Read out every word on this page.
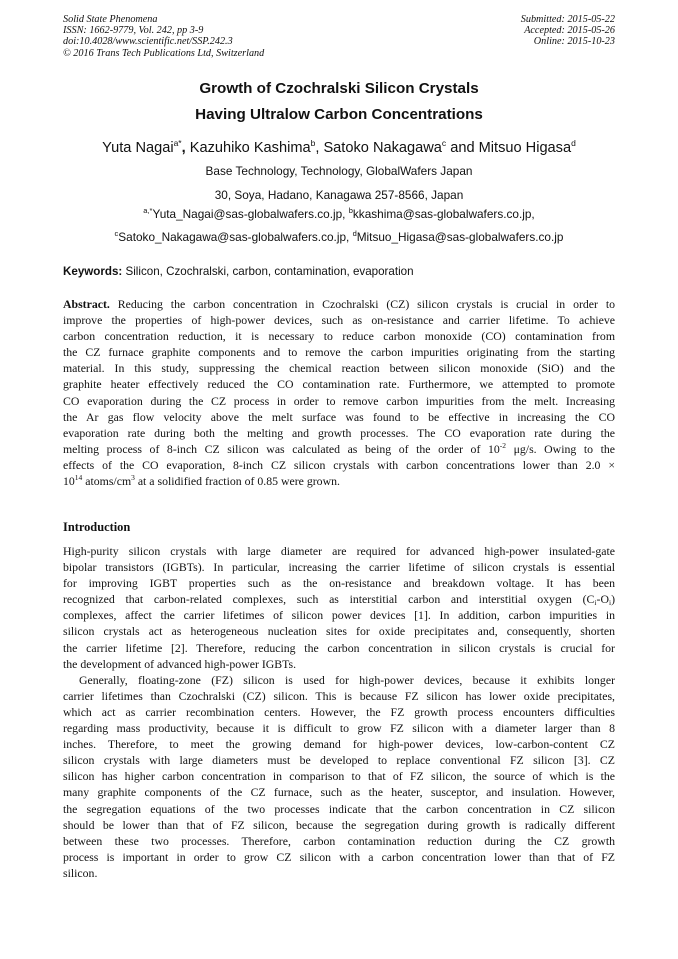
Solid State Phenomena
ISSN: 1662-9779, Vol. 242, pp 3-9
doi:10.4028/www.scientific.net/SSP.242.3
© 2016 Trans Tech Publications Ltd, Switzerland
Submitted: 2015-05-22
Accepted: 2015-05-26
Online: 2015-10-23
Growth of Czochralski Silicon Crystals
Having Ultralow Carbon Concentrations
Yuta Nagai$^{a*}$, Kazuhiko Kashima$^b$, Satoko Nakagawa$^c$ and Mitsuo Higasa$^d$
Base Technology, Technology, GlobalWafers Japan
30, Soya, Hadano, Kanagawa 257-8566, Japan
$^{a,*}$Yuta_Nagai@sas-globalwafers.co.jp, $^b$kkashima@sas-globalwafers.co.jp,
$^c$Satoko_Nakagawa@sas-globalwafers.co.jp, $^d$Mitsuo_Higasa@sas-globalwafers.co.jp
Keywords: Silicon, Czochralski, carbon, contamination, evaporation
Abstract. Reducing the carbon concentration in Czochralski (CZ) silicon crystals is crucial in order to
improve the properties of high-power devices, such as on-resistance and carrier lifetime. To achieve
carbon concentration reduction, it is necessary to reduce carbon monoxide (CO) contamination from
the CZ furnace graphite components and to remove the carbon impurities originating from the starting
material. In this study, suppressing the chemical reaction between silicon monoxide (SiO) and the
graphite heater effectively reduced the CO contamination rate. Furthermore, we attempted to promote
CO evaporation during the CZ process in order to remove carbon impurities from the melt. Increasing
the Ar gas flow velocity above the melt surface was found to be effective in increasing the CO
evaporation rate during both the melting and growth processes. The CO evaporation rate during the
melting process of 8-inch CZ silicon was calculated as being of the order of $10^{-2}$ μg/s. Owing to the
effects of the CO evaporation, 8-inch CZ silicon crystals with carbon concentrations lower than 2.0 ×
$10^{14}$ atoms/$cm^3$ at a solidified fraction of 0.85 were grown.
Introduction
High-purity silicon crystals with large diameter are required for advanced high-power insulated-gate
bipolar transistors (IGBTs). In particular, increasing the carrier lifetime of silicon crystals is essential
for improving IGBT properties such as the on-resistance and breakdown voltage. It has been
recognized that carbon-related complexes, such as interstitial carbon and interstitial oxygen $(C_i-O_i)$
complexes, affect the carrier lifetimes of silicon power devices [1]. In addition, carbon impurities in
silicon crystals act as heterogeneous nucleation sites for oxide precipitates and, consequently, shorten
the carrier lifetime [2]. Therefore, reducing the carbon concentration in silicon crystals is crucial for
the development of advanced high-power IGBTs.
Generally, floating-zone (FZ) silicon is used for high-power devices, because it exhibits longer
carrier lifetimes than Czochralski (CZ) silicon. This is because FZ silicon has lower oxide precipitates,
which act as carrier recombination centers. However, the FZ growth process encounters difficulties
regarding mass productivity, because it is difficult to grow FZ silicon with a diameter larger than 8
inches. Therefore, to meet the growing demand for high-power devices, low-carbon-content CZ
silicon crystals with large diameters must be developed to replace conventional FZ silicon [3]. CZ
silicon has higher carbon concentration in comparison to that of FZ silicon, the source of which is the
many graphite components of the CZ furnace, such as the heater, susceptor, and insulation. However,
the segregation equations of the two processes indicate that the carbon concentration in CZ silicon
should be lower than that of FZ silicon, because the segregation during growth is radically different
between these two processes. Therefore, carbon contamination reduction during the CZ growth
process is important in order to grow CZ silicon with a carbon concentration lower than that of FZ
silicon.
